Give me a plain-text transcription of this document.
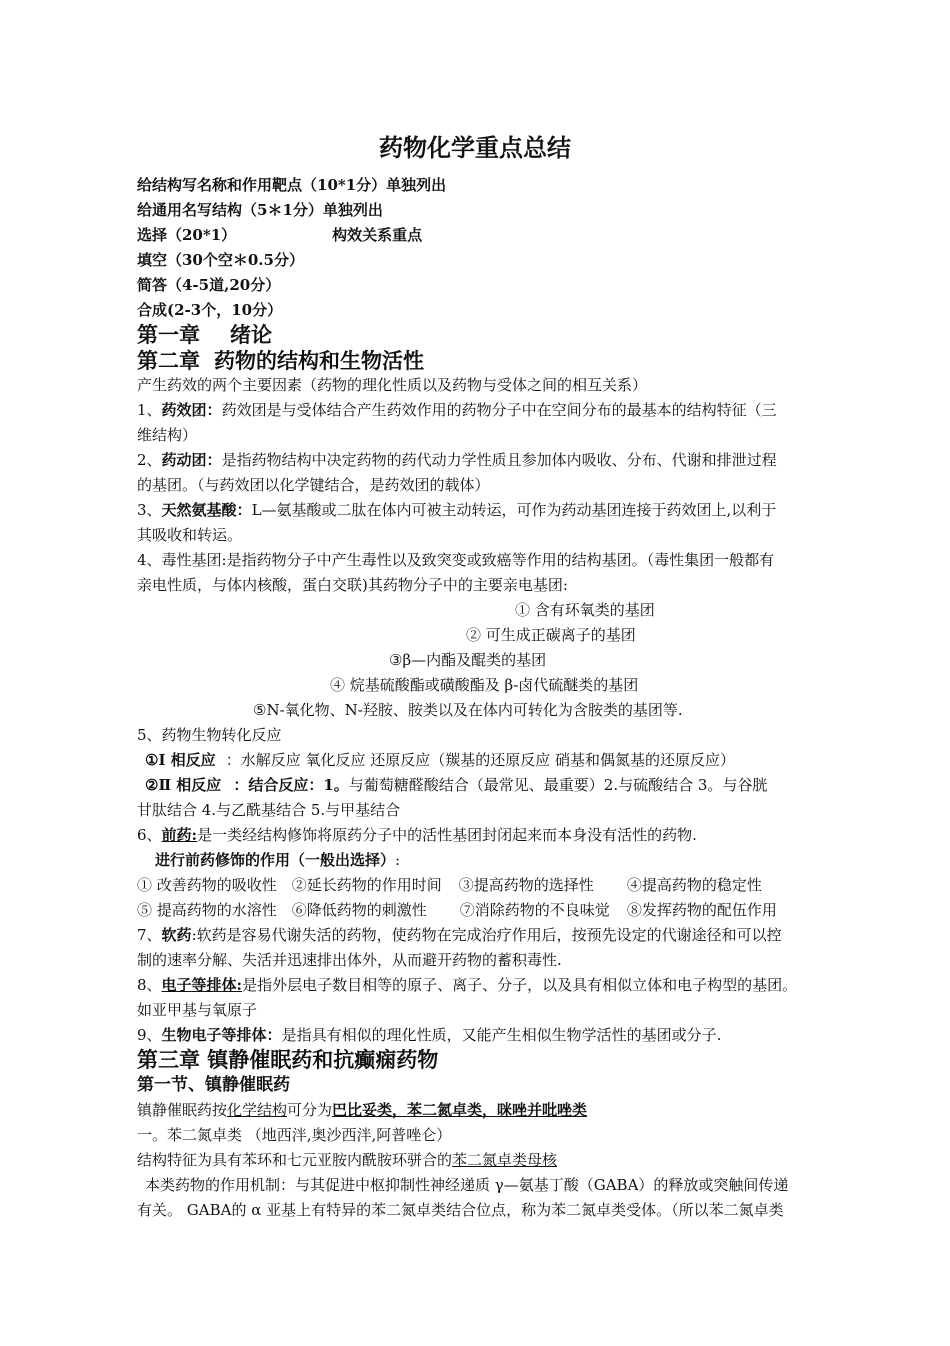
药物化学重点总结
给结构写名称和作用靶点（10*1分）单独列出
给通用名写结构（5＊1分）单独列出
选择（20*1）	构效关系重点
填空（30个空＊0.5分）
简答（4-5道,20分）
合成(2-3个，10分）
第一章 绪论
第二章 药物的结构和生物活性
产生药效的两个主要因素（药物的理化性质以及药物与受体之间的相互关系）
1、药效团：药效团是与受体结合产生药效作用的药物分子中在空间分布的最基本的结构特征（三
维结构）
2、药动团：是指药物结构中决定药物的药代动力学性质且参加体内吸收、分布、代谢和排泄过程
的基团。（与药效团以化学键结合，是药效团的载体）
3、天然氨基酸：L—氨基酸或二肽在体内可被主动转运，可作为药动基团连接于药效团上,以利于
其吸收和转运。
4、毒性基团:是指药物分子中产生毒性以及致突变或致癌等作用的结构基团。（毒性集团一般都有
亲电性质，与体内核酸，蛋白交联)其药物分子中的主要亲电基团:
① 含有环氧类的基团
② 可生成正碳离子的基团
③β—内酯及醌类的基团
④ 烷基硫酸酯或磺酸酯及 β-卤代硫醚类的基团
⑤N-氧化物、N-羟胺、胺类以及在体内可转化为含胺类的基团等.
5、药物生物转化反应
①Ⅰ 相反应 ：水解反应 氧化反应 还原反应（羰基的还原反应 硝基和偶氮基的还原反应）
②Ⅱ 相反应 ：结合反应：1。与葡萄糖醛酸结合（最常见、最重要）2.与硫酸结合 3。与谷胱
甘肽结合 4.与乙酰基结合 5.与甲基结合
6、前药:是一类经结构修饰将原药分子中的活性基团封闭起来而本身没有活性的药物.
进行前药修饰的作用（一般出选择）:
① 改善药物的吸收性 ②延长药物的作用时间 ③提高药物的选择性 ④提高药物的稳定性
⑤ 提高药物的水溶性 ⑥降低药物的刺激性 ⑦消除药物的不良味觉 ⑧发挥药物的配伍作用
7、软药:软药是容易代谢失活的药物，使药物在完成治疗作用后，按预先设定的代谢途径和可以控
制的速率分解、失活并迅速排出体外，从而避开药物的蓄积毒性.
8、电子等排体:是指外层电子数目相等的原子、离子、分子，以及具有相似立体和电子构型的基团。
如亚甲基与氧原子
9、生物电子等排体：是指具有相似的理化性质，又能产生相似生物学活性的基团或分子.
第三章 镇静催眠药和抗癫痫药物
第一节、镇静催眠药
镇静催眠药按化学结构可分为巴比妥类，苯二氮卓类，咪唑并吡唑类
一。苯二氮卓类 （地西泮,奥沙西泮,阿普唑仑）
结构特征为具有苯环和七元亚胺内酰胺环骈合的苯二氮卓类母核
本类药物的作用机制：与其促进中枢抑制性神经递质 γ—氨基丁酸（GABA）的释放或突触间传递
有关。 GABA的 α 亚基上有特异的苯二氮卓类结合位点，称为苯二氮卓类受体。（所以苯二氮卓类
